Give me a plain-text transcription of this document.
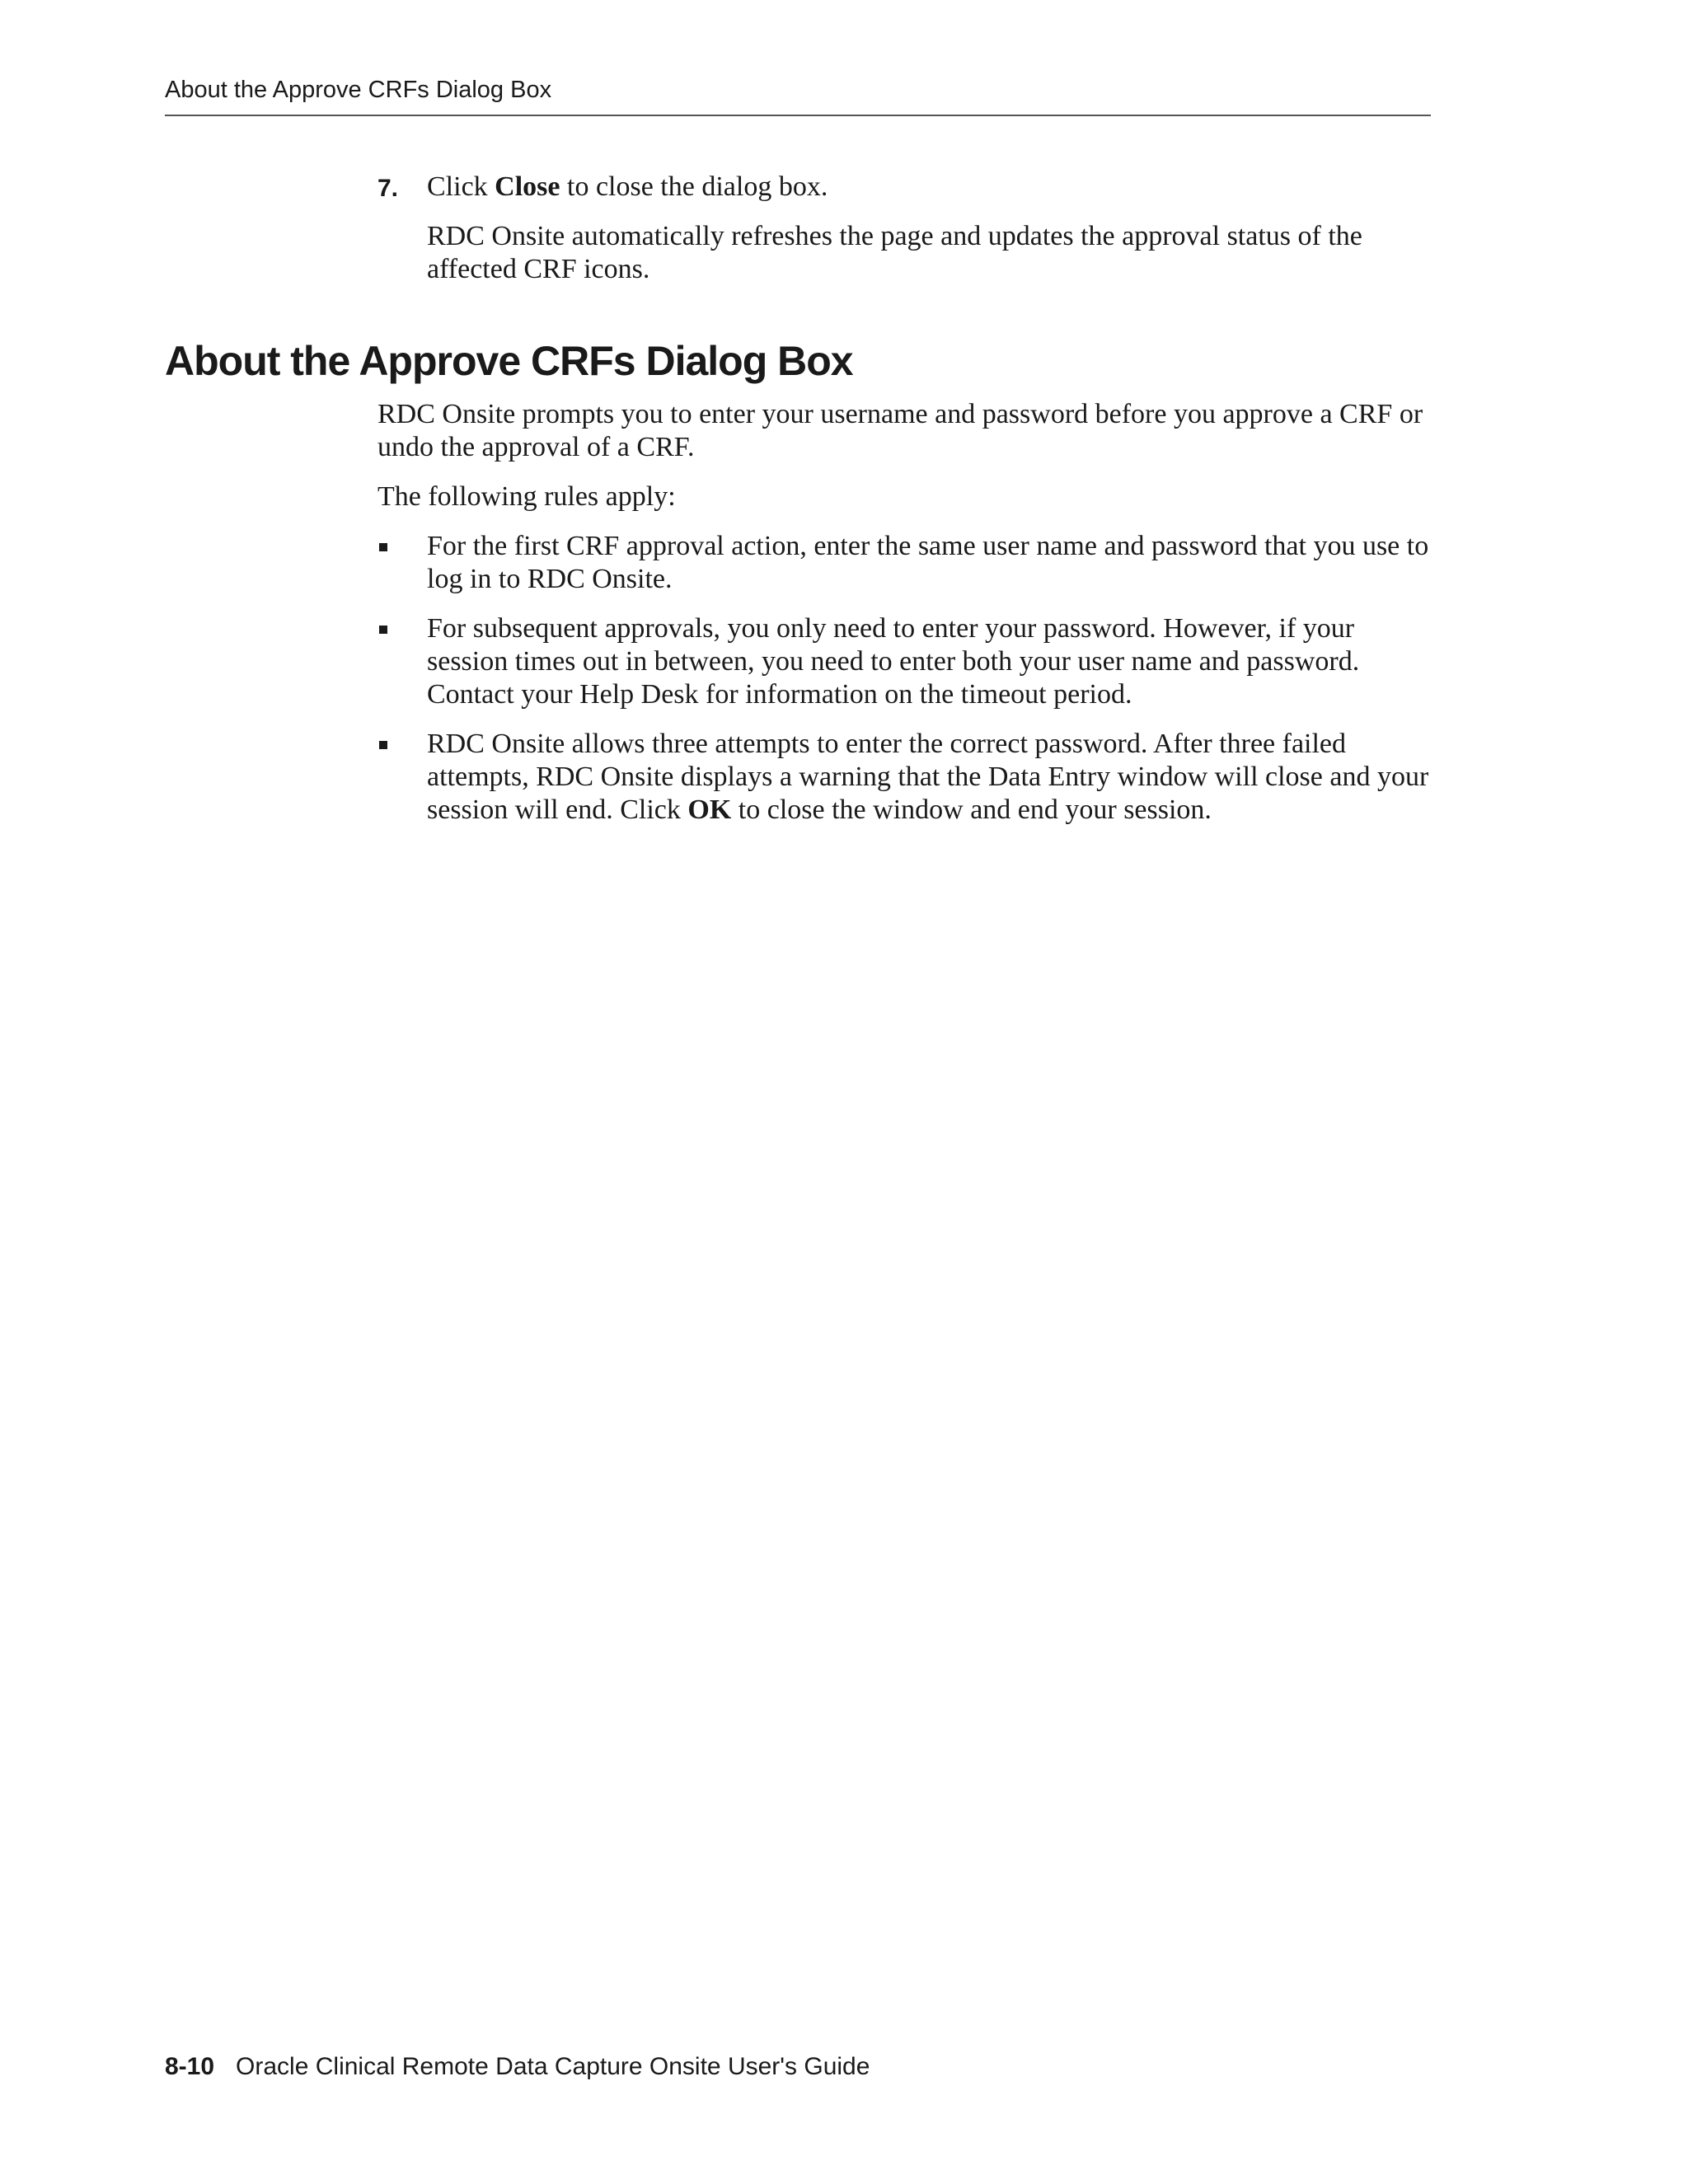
About the Approve CRFs Dialog Box
7. Click Close to close the dialog box.

RDC Onsite automatically refreshes the page and updates the approval status of the affected CRF icons.

About the Approve CRFs Dialog Box

RDC Onsite prompts you to enter your username and password before you approve a CRF or undo the approval of a CRF.

The following rules apply:

For the first CRF approval action, enter the same user name and password that you use to log in to RDC Onsite.
For subsequent approvals, you only need to enter your password. However, if your session times out in between, you need to enter both your user name and password. Contact your Help Desk for information on the timeout period.
RDC Onsite allows three attempts to enter the correct password. After three failed attempts, RDC Onsite displays a warning that the Data Entry window will close and your session will end. Click OK to close the window and end your session.
8-10 Oracle Clinical Remote Data Capture Onsite User's Guide
